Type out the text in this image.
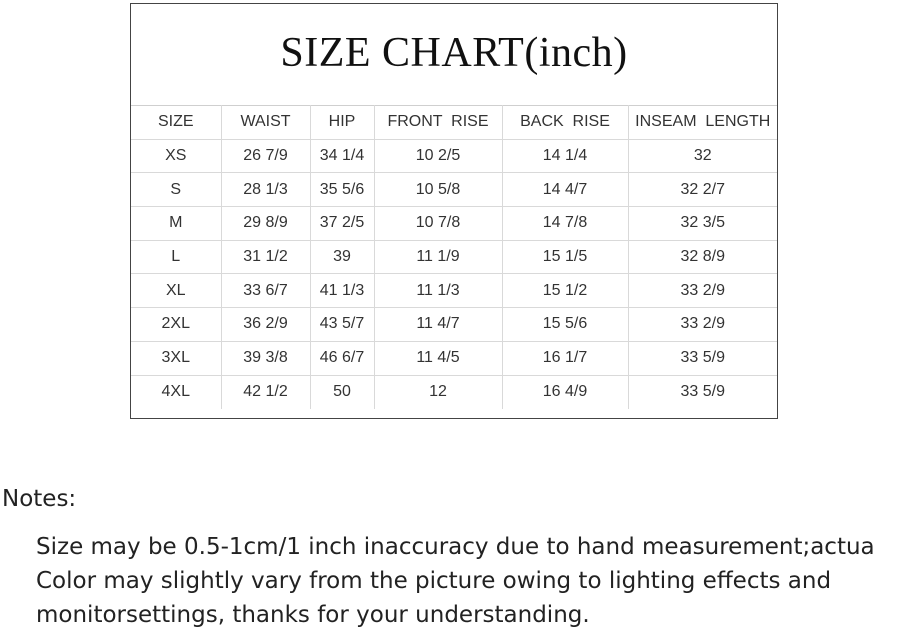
SIZE CHART(inch)
SIZE	WAIST	HIP	FRONT  RISE	BACK  RISE	INSEAM  LENGTH
XS	26 7/9	34 1/4	10 2/5	14 1/4	32
S	28 1/3	35 5/6	10 5/8	14 4/7	32 2/7
M	29 8/9	37 2/5	10 7/8	14 7/8	32 3/5
L	31 1/2	39	11 1/9	15 1/5	32 8/9
XL	33 6/7	41 1/3	11 1/3	15 1/2	33 2/9
2XL	36 2/9	43 5/7	11 4/7	15 5/6	33 2/9
3XL	39 3/8	46 6/7	11 4/5	16 1/7	33 5/9
4XL	42 1/2	50	12	16 4/9	33 5/9
Notes:
Size may be 0.5-1cm/1 inch inaccuracy due to hand measurement;actua
Color may slightly vary from the picture owing to lighting effects and
monitorsettings, thanks for your understanding.
